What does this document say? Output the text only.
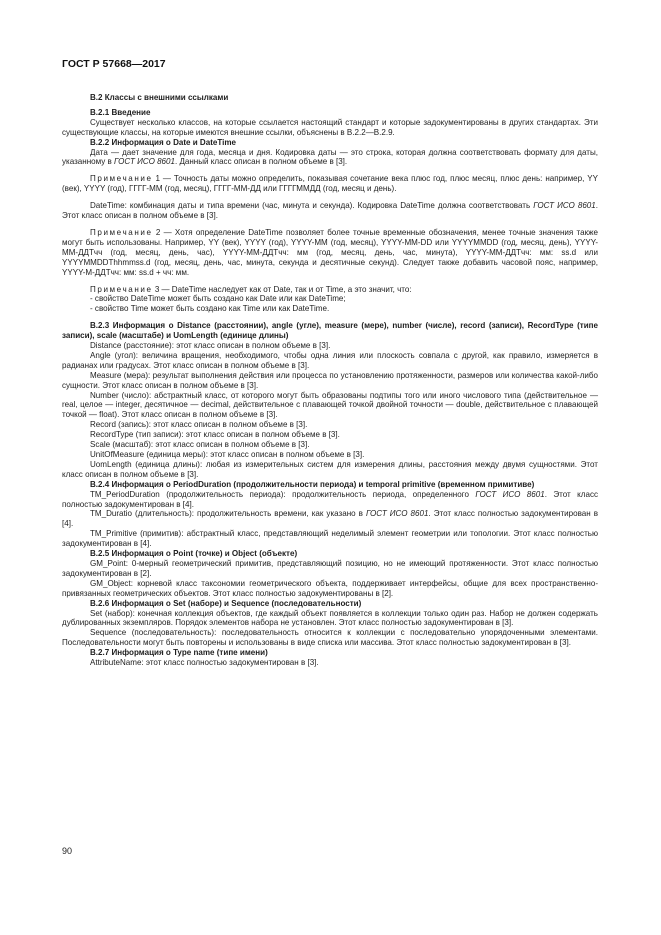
ГОСТ Р 57668—2017

В.2 Классы с внешними ссылками

В.2.1 Введение

Существует несколько классов, на которые ссылается настоящий стандарт и которые задокументированы в других стандартах. Эти существующие классы, на которые имеются внешние ссылки, объяснены в В.2.2—В.2.9.

В.2.2 Информация о Date и DateTime

Дата — дает значение для года, месяца и дня. Кодировка даты — это строка, которая должна соответствовать формату для даты, указанному в ГОСТ ИСО 8601. Данный класс описан в полном объеме в [3].

Примечание 1 — Точность даты можно определить, показывая сочетание века плюс год, плюс месяц, плюс день: например, YY (век), YYYY (год), ГГГГ-ММ (год, месяц), ГГГГ-ММ-ДД или ГГГГММДД (год, месяц и день).

DateTime: комбинация даты и типа времени (час, минута и секунда). Кодировка DateTime должна соответствовать ГОСТ ИСО 8601. Этот класс описан в полном объеме в [3].

Примечание 2 — Хотя определение DateTime позволяет более точные временные обозначения, менее точные значения также могут быть использованы. Например, YY (век), YYYY (год), YYYY-MM (год, месяц), YYYY-MM-DD или YYYYMMDD (год, месяц, день), YYYY-ММ-ДДТчч (год, месяц, день, час), YYYY-ММ-ДДТчч: мм (год, месяц, день, час, минута), YYYY-ММ-ДДТчч: мм: ss.d или YYYYMMDDThhmmss.d (год, месяц, день, час, минута, секунда и десятичные секунд). Следует также добавить часовой пояс, например, YYYY-М-ДДТчч: мм: ss.d + чч: мм.

Примечание 3 — DateTime наследует как от Date, так и от Time, а это значит, что:

- свойство DateTime может быть создано как Date или как DateTime;

- свойство Time может быть создано как Time или как DateTime.

В.2.3 Информация о Distance (расстоянии), angle (угле), measure (мере), number (числе), record (записи), RecordType (типе записи), scale (масштабе) и UomLength (единице длины)

Distance (расстояние): этот класс описан в полном объеме в [3].

Angle (угол): величина вращения, необходимого, чтобы одна линия или плоскость совпала с другой, как правило, измеряется в радианах или градусах. Этот класс описан в полном объеме в [3].

Measure (мера): результат выполнения действия или процесса по установлению протяженности, размеров или количества какой-либо сущности. Этот класс описан в полном объеме в [3].

Number (число): абстрактный класс, от которого могут быть образованы подтипы того или иного числового типа (действительное — real, целое — integer, десятичное — decimal, действительное с плавающей точкой двойной точности — double, действительное с плавающей точкой — float). Этот класс описан в полном объеме в [3].

Record (запись): этот класс описан в полном объеме в [3].

RecordType (тип записи): этот класс описан в полном объеме в [3].

Scale (масштаб): этот класс описан в полном объеме в [3].

UnitOfMeasure (единица меры): этот класс описан в полном объеме в [3].

UomLength (единица длины): любая из измерительных систем для измерения длины, расстояния между двумя сущностями. Этот класс описан в полном объеме в [3].

В.2.4 Информация о PeriodDuration (продолжительности периода) и temporal primitive (временном примитиве)

TM_PeriodDuration (продолжительность периода): продолжительность периода, определенного ГОСТ ИСО 8601. Этот класс полностью задокументирован в [4].

TM_Duratio (длительность): продолжительность времени, как указано в ГОСТ ИСО 8601. Этот класс полностью задокументирован в [4].

TM_Primitive (примитив): абстрактный класс, представляющий неделимый элемент геометрии или топологии. Этот класс полностью задокументирован в [4].

В.2.5 Информация о Point (точке) и Object (объекте)

GM_Point: 0-мерный геометрический примитив, представляющий позицию, но не имеющий протяженности. Этот класс полностью задокументирован в [2].

GM_Object: корневой класс таксономии геометрического объекта, поддерживает интерфейсы, общие для всех пространственно-привязанных геометрических объектов. Этот класс полностью задокументированы в [2].

В.2.6 Информация о Set (наборе) и Sequence (последовательности)

Set (набор): конечная коллекция объектов, где каждый объект появляется в коллекции только один раз. Набор не должен содержать дублированных экземпляров. Порядок элементов набора не установлен. Этот класс полностью задокументирован в [3].

Sequence (последовательность): последовательность относится к коллекции с последовательно упорядоченными элементами. Последовательности могут быть повторены и использованы в виде списка или массива. Этот класс полностью задокументирован в [3].

В.2.7 Информация о Type name (типе имени)

AttributeName: этот класс полностью задокументирован в [3].

90
